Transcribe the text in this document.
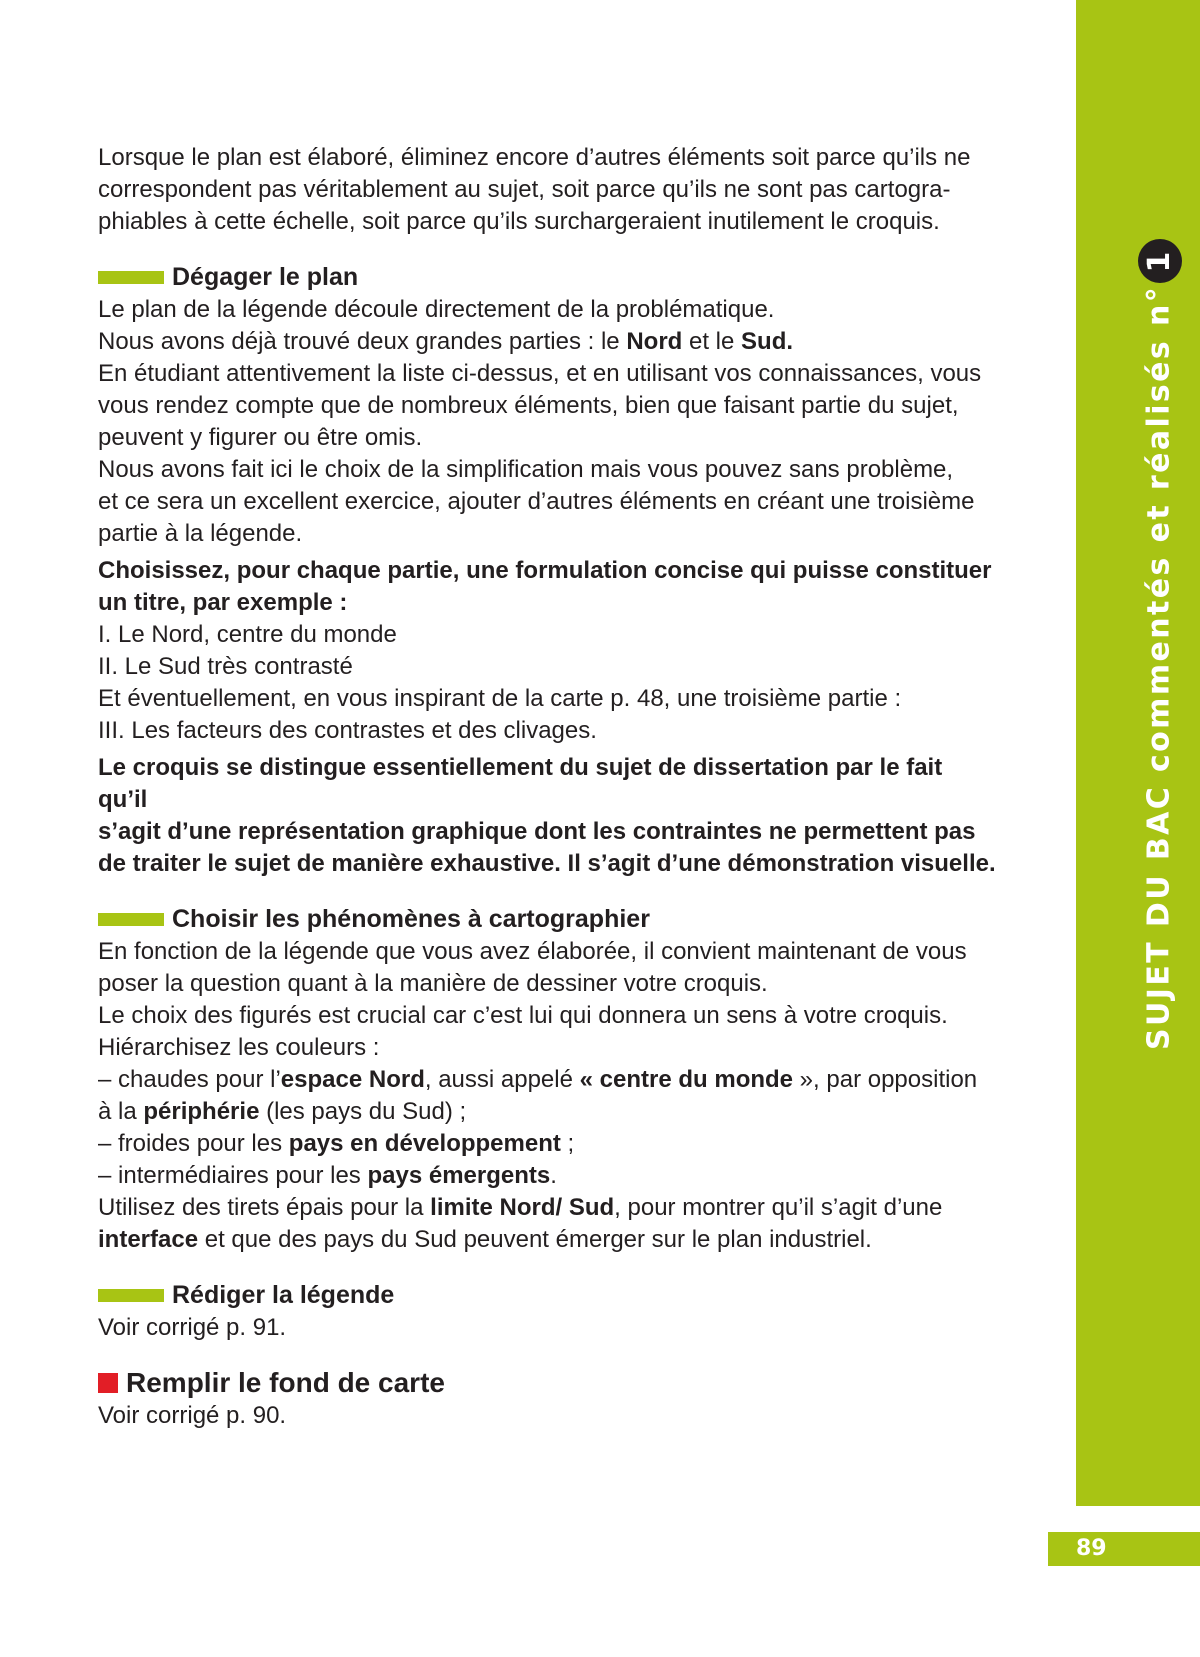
SUJET DU BAC commentés et réalisés n°1
89

Lorsque le plan est élaboré, éliminez encore d’autres éléments soit parce qu’ils ne

correspondent pas véritablement au sujet, soit parce qu’ils ne sont pas cartogra-

phiables à cette échelle, soit parce qu’ils surchargeraient inutilement le croquis.

Dégager le plan

Le plan de la légende découle directement de la problématique.

Nous avons déjà trouvé deux grandes parties : le Nord et le Sud.

En étudiant attentivement la liste ci-dessus, et en utilisant vos connaissances, vous

vous rendez compte que de nombreux éléments, bien que faisant partie du sujet,

peuvent y figurer ou être omis.

Nous avons fait ici le choix de la simplification mais vous pouvez sans problème,

et ce sera un excellent exercice, ajouter d’autres éléments en créant une troisième

partie à la légende.

Choisissez, pour chaque partie, une formulation concise qui puisse constituer

un titre, par exemple :

I. Le Nord, centre du monde

II. Le Sud très contrasté

Et éventuellement, en vous inspirant de la carte p. 48, une troisième partie :

III. Les facteurs des contrastes et des clivages.

Le croquis se distingue essentiellement du sujet de dissertation par le fait qu’il

s’agit d’une représentation graphique dont les contraintes ne permettent pas

de traiter le sujet de manière exhaustive. Il s’agit d’une démonstration visuelle.

Choisir les phénomènes à cartographier

En fonction de la légende que vous avez élaborée, il convient maintenant de vous

poser la question quant à la manière de dessiner votre croquis.

Le choix des figurés est crucial car c’est lui qui donnera un sens à votre croquis.

Hiérarchisez les couleurs :

– chaudes pour l’espace Nord, aussi appelé « centre du monde », par opposition

à la périphérie (les pays du Sud) ;

– froides pour les pays en développement ;

– intermédiaires pour les pays émergents.

Utilisez des tirets épais pour la limite Nord/ Sud, pour montrer qu’il s’agit d’une

interface et que des pays du Sud peuvent émerger sur le plan industriel.

Rédiger la légende

Voir corrigé p. 91.

Remplir le fond de carte

Voir corrigé p. 90.
